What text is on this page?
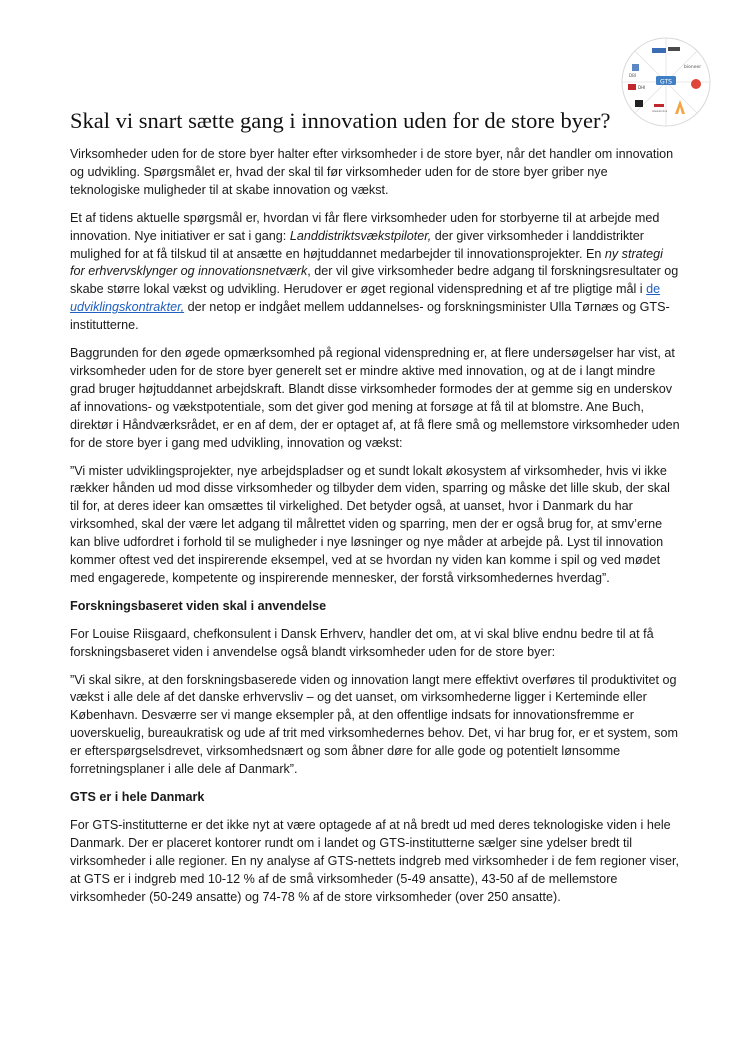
DBI
bioneer
DHI
GTS
Alexandra
Skal vi snart sætte gang i innovation uden for de store byer?

Virksomheder uden for de store byer halter efter virksomheder i de store byer, når det handler om innovation og udvikling. Spørgsmålet er, hvad der skal til før virksomheder uden for de store byer griber nye teknologiske muligheder til at skabe innovation og vækst.

Et af tidens aktuelle spørgsmål er, hvordan vi får flere virksomheder uden for storbyerne til at arbejde med innovation. Nye initiativer er sat i gang: Landdistriktsvækstpiloter, der giver virksomheder i landdistrikter mulighed for at få tilskud til at ansætte en højtuddannet medarbejder til innovationsprojekter. En ny strategi for erhvervsklynger og innovationsnetværk, der vil give virksomheder bedre adgang til forskningsresultater og skabe større lokal vækst og udvikling. Herudover er øget regional videnspredning et af tre pligtige mål i de udviklingskontrakter, der netop er indgået mellem uddannelses- og forskningsminister Ulla Tørnæs og GTS-institutterne.

Baggrunden for den øgede opmærksomhed på regional videnspredning er, at flere undersøgelser har vist, at virksomheder uden for de store byer generelt set er mindre aktive med innovation, og at de i langt mindre grad bruger højtuddannet arbejdskraft. Blandt disse virksomheder formodes der at gemme sig en underskov af innovations- og vækstpotentiale, som det giver god mening at forsøge at få til at blomstre. Ane Buch, direktør i Håndværksrådet, er en af dem, der er optaget af, at få flere små og mellemstore virksomheder uden for de store byer i gang med udvikling, innovation og vækst:

”Vi mister udviklingsprojekter, nye arbejdspladser og et sundt lokalt økosystem af virksomheder, hvis vi ikke rækker hånden ud mod disse virksomheder og tilbyder dem viden, sparring og måske det lille skub, der skal til for, at deres ideer kan omsættes til virkelighed. Det betyder også, at uanset, hvor i Danmark du har virksomhed, skal der være let adgang til målrettet viden og sparring, men der er også brug for, at smv’erne kan blive udfordret i forhold til se muligheder i nye løsninger og nye måder at arbejde på. Lyst til innovation kommer oftest ved det inspirerende eksempel, ved at se hvordan ny viden kan komme i spil og ved mødet med engagerede, kompetente og inspirerende mennesker, der forstå virksomhedernes hverdag”.

Forskningsbaseret viden skal i anvendelse

For Louise Riisgaard, chefkonsulent i Dansk Erhverv, handler det om, at vi skal blive endnu bedre til at få forskningsbaseret viden i anvendelse også blandt virksomheder uden for de store byer:

”Vi skal sikre, at den forskningsbaserede viden og innovation langt mere effektivt overføres til produktivitet og vækst i alle dele af det danske erhvervsliv – og det uanset, om virksomhederne ligger i Kerteminde eller København. Desværre ser vi mange eksempler på, at den offentlige indsats for innovationsfremme er uoverskuelig, bureaukratisk og ude af trit med virksomhedernes behov. Det, vi har brug for, er et system, som er efterspørgselsdrevet, virksomhedsnært og som åbner døre for alle gode og potentielt lønsomme forretningsplaner i alle dele af Danmark”.

GTS er i hele Danmark

For GTS-institutterne er det ikke nyt at være optagede af at nå bredt ud med deres teknologiske viden i hele Danmark. Der er placeret kontorer rundt om i landet og GTS-institutterne sælger sine ydelser bredt til virksomheder i alle regioner. En ny analyse af GTS-nettets indgreb med virksomheder i de fem regioner viser, at GTS er i indgreb med 10-12 % af de små virksomheder (5-49 ansatte), 43-50 af de mellemstore virksomheder (50-249 ansatte) og 74-78 % af de store virksomheder (over 250 ansatte).
